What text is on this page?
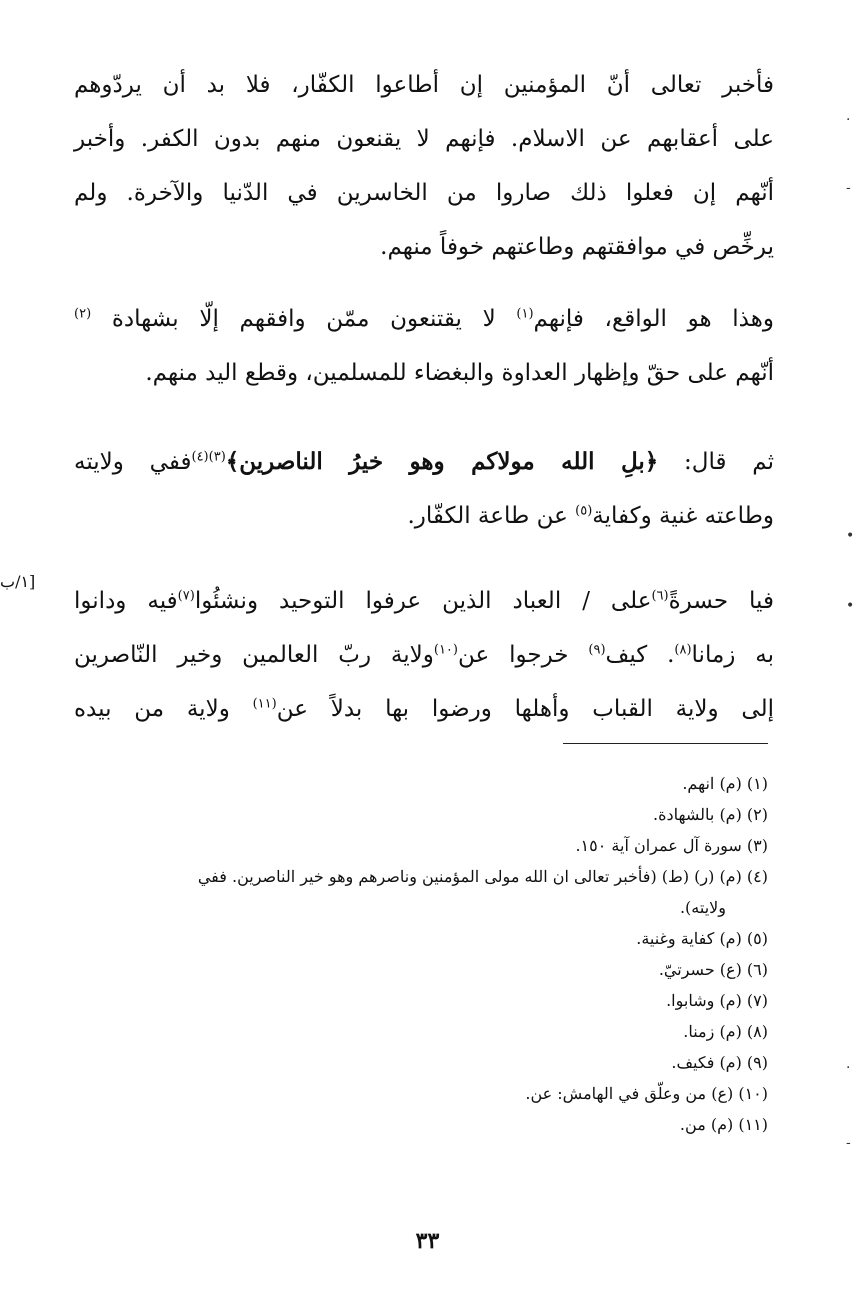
فأخبر تعالى أنّ المؤمنين إن أطاعوا الكفّار، فلا بد أن يردّوهم
على أعقابهم عن الاسلام. فإنهم لا يقنعون منهم بدون الكفر. وأخبر
أنّهم إن فعلوا ذلك صاروا من الخاسرين في الدّنيا والآخرة. ولم
يرخِّص في موافقتهم وطاعتهم خوفاً منهم.
وهذا هو الواقع، فإنهم$^{(١)}$ لا يقتنعون ممّن وافقهم إلّا بشهادة $^{(٢)}$
أنّهم على حقّ وإظهار العداوة والبغضاء للمسلمين، وقطع اليد منهم.
ثم قال: ﴿بلِ الله مولاكم وهو خيرُ الناصرين﴾$^{(٣)(٤)}$ففي ولايته
وطاعته غنية وكفاية$^{(٥)}$ عن طاعة الكفّار.
[١/ب
فيا حسرةً$^{(٦)}$على / العباد الذين عرفوا التوحيد ونشئُوا$^{(٧)}$فيه ودانوا
به زمانا$^{(٨)}$. كيف$^{(٩)}$ خرجوا عن$^{(١٠)}$ولاية ربّ العالمين وخير النّاصرين
إلى ولاية القباب وأهلها ورضوا بها بدلاً عن$^{(١١)}$ ولاية من بيده
(١) (م) انهم.
(٢) (م) بالشهادة.
(٣) سورة آل عمران آية ١٥٠.
(٤) (م) (ر) (ط) (فأخبر تعالى ان الله مولى المؤمنين وناصرهم وهو خير الناصرين. ففي
ولايته).
(٥) (م) كفاية وغنية.
(٦) (ع) حسرتيّ.
(٧) (م) وشابوا.
(٨) (م) زمنا.
(٩) (م) فكيف.
(١٠) (ع) من وعلّق في الهامش: عن.
(١١) (م) من.
٣٣
·
-
•
•
·
-
